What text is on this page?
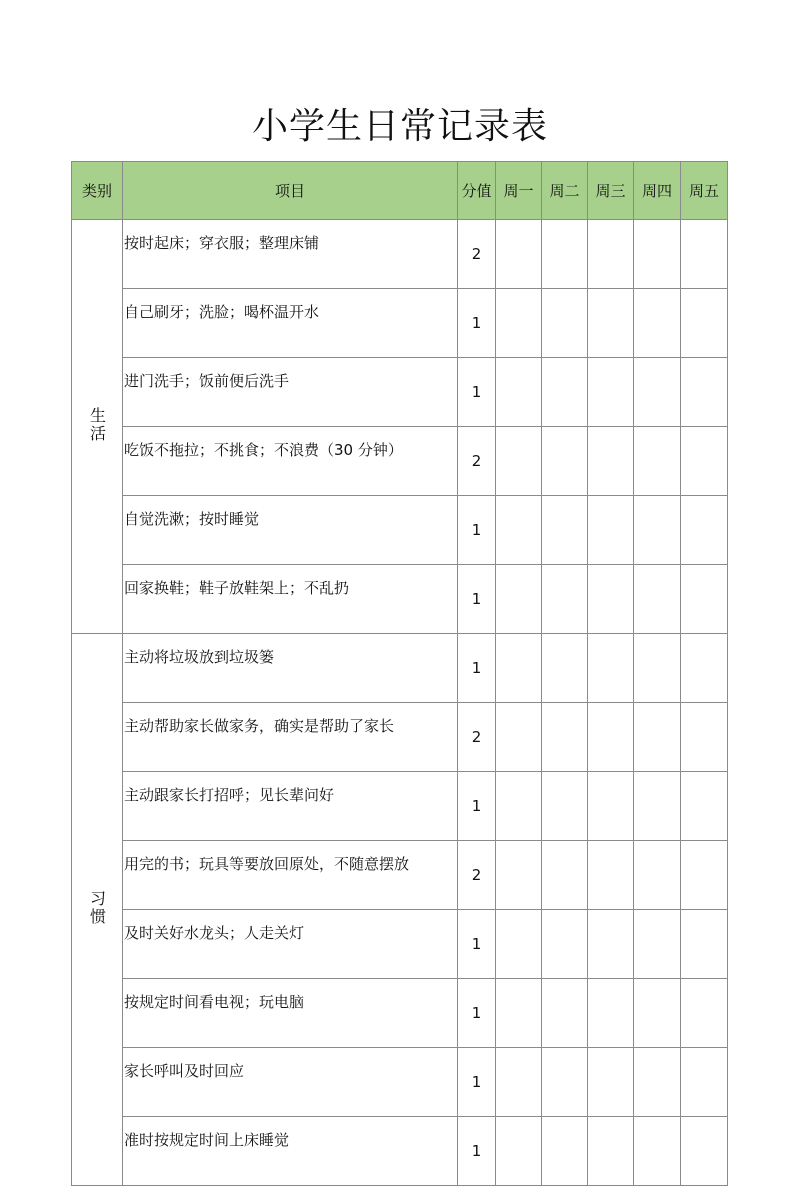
小学生日常记录表
类别	项目	分值	周一	周二	周三	周四	周五
生活	按时起床；穿衣服；整理床铺	2					
	自己刷牙；洗脸；喝杯温开水	1					
	进门洗手；饭前便后洗手	1					
	吃饭不拖拉；不挑食；不浪费（30 分钟）	2					
	自觉洗漱；按时睡觉	1					
	回家换鞋；鞋子放鞋架上；不乱扔	1					
习惯	主动将垃圾放到垃圾篓	1					
	主动帮助家长做家务，确实是帮助了家长	2					
	主动跟家长打招呼；见长辈问好	1					
	用完的书；玩具等要放回原处，不随意摆放	2					
	及时关好水龙头；人走关灯	1					
	按规定时间看电视；玩电脑	1					
	家长呼叫及时回应	1					
	准时按规定时间上床睡觉	1					
